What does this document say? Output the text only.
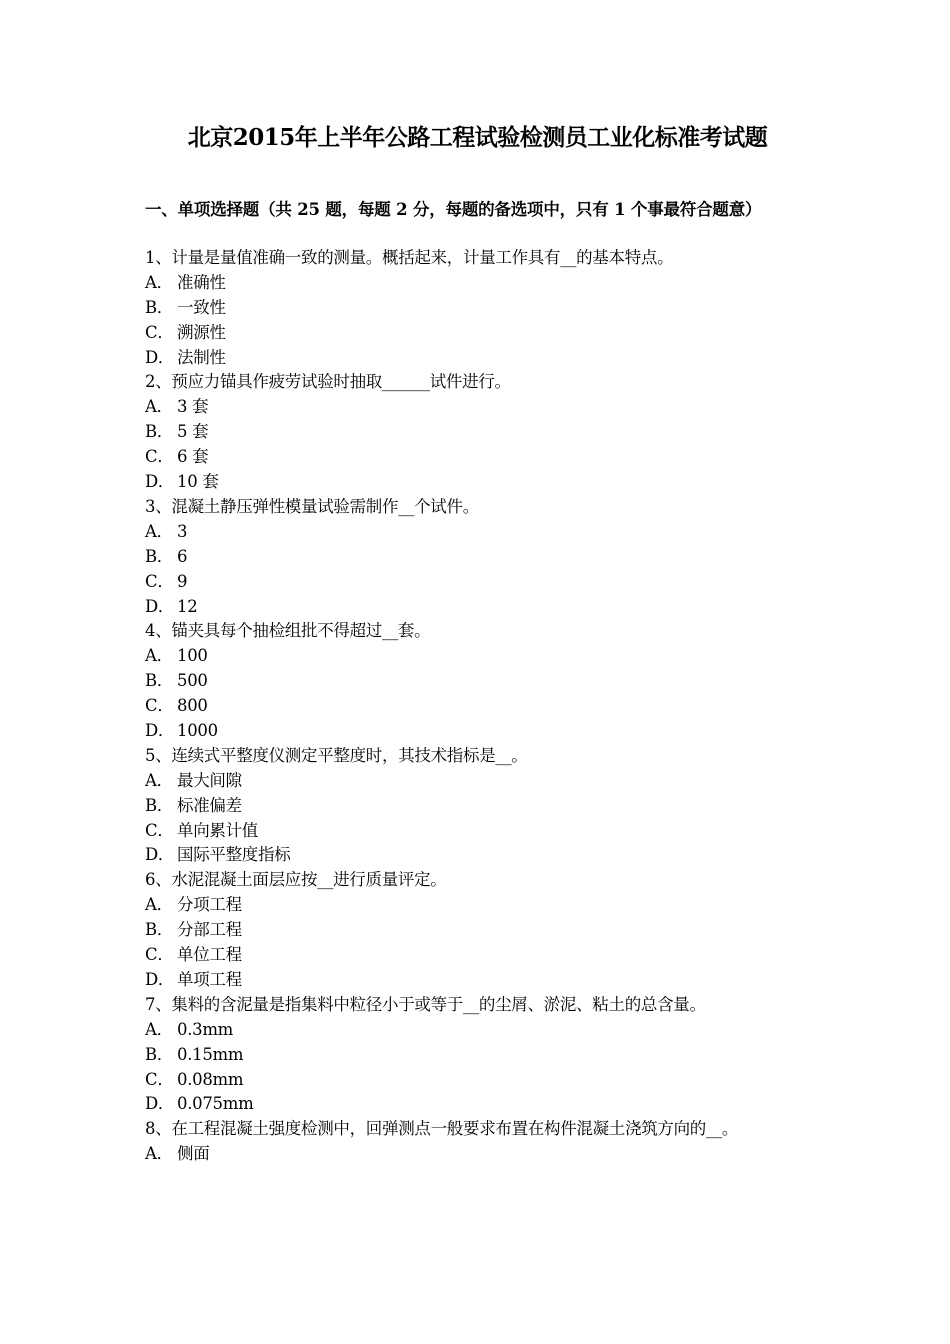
北京2015年上半年公路工程试验检测员工业化标准考试题
一、单项选择题（共 25 题，每题 2 分，每题的备选项中，只有 1 个事最符合题意）
1、计量是量值准确一致的测量。概括起来，计量工作具有__的基本特点。
A． 准确性
B． 一致性
C． 溯源性
D． 法制性
2、预应力锚具作疲劳试验时抽取______试件进行。
A． 3 套
B． 5 套
C． 6 套
D． 10 套
3、混凝土静压弹性模量试验需制作__个试件。
A． 3
B． 6
C． 9
D． 12
4、锚夹具每个抽检组批不得超过__套。
A． 100
B． 500
C． 800
D． 1000
5、连续式平整度仪测定平整度时，其技术指标是__。
A． 最大间隙
B． 标准偏差
C． 单向累计值
D． 国际平整度指标
6、水泥混凝土面层应按__进行质量评定。
A． 分项工程
B． 分部工程
C． 单位工程
D． 单项工程
7、集料的含泥量是指集料中粒径小于或等于__的尘屑、淤泥、粘土的总含量。
A． 0.3mm
B． 0.15mm
C． 0.08mm
D． 0.075mm
8、在工程混凝土强度检测中，回弹测点一般要求布置在构件混凝土浇筑方向的__。
A． 侧面
